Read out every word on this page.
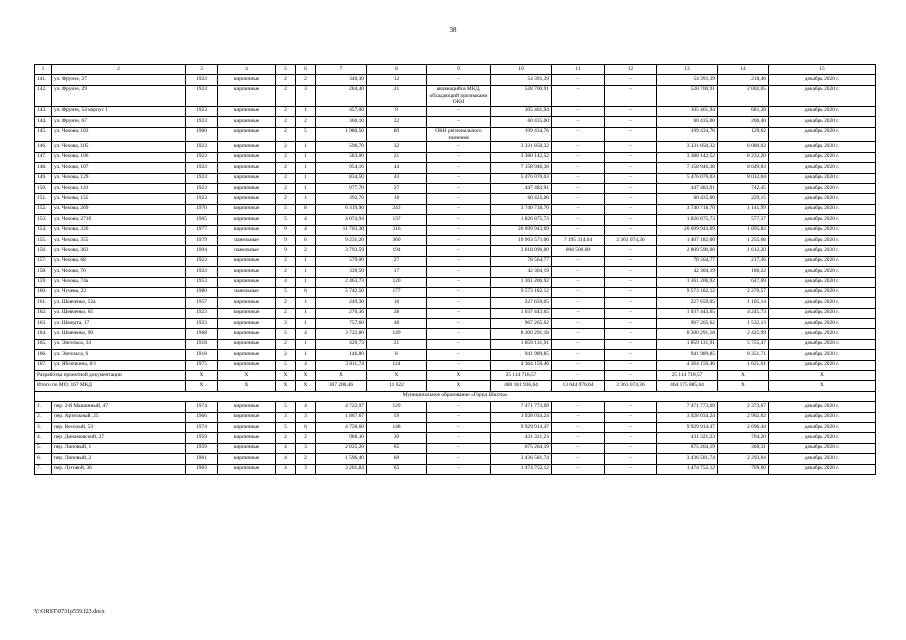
38
1	2	3	4	5	6	7	8	9	10	11	12	13	14	15
141.	ул. Фрунзе, 27	1923	кирпичные	2	2	340,30	12	–	54 391,39	–	–	54 391,39	218,46	декабрь 2020 г.
142.	ул. Фрунзе, 29	1923	кирпичные	2	3	284,40	21	являющийся МКД, обладающий признаками ОКН	528 700,91	–	–	528 700,91	2 002,65	декабрь 2020 г.
143.	ул. Фрунзе, 54 корпус 1	1923	кирпичные	2	1	457,00	9	–	105 461,94	–	–	105 461,94	681,28	декабрь 2020 г.
144.	ул. Фрунзе, 67	1923	кирпичные	2	2	360,10	22	–	60 435,00	–	–	60 435,00	206,40	декабрь 2020 г.
145.	ул. Чехова, 103	1900	кирпичные	2	5	1 980,50	89	ОКН регионального значения	199 434,76	–	–	199 434,76	129,62	декабрь 2020 г.
146.	ул. Чехова, 105	1923	кирпичные	2	1	596,70	32	–	3 331 850,32	–	–	3 331 850,32	6 080,02	декабрь 2020 г.
147.	ул. Чехова, 106	1923	кирпичные	2	1	583,00	21	–	3 380 142,52	–	–	3 380 142,52	8 232,20	декабрь 2020 г.
148.	ул. Чехова, 107	1923	кирпичные	2	1	954,16	44	–	7 158 946,38	–	–	7 158 946,38	8 649,83	декабрь 2020 г.
149.	ул. Чехова, 129	1923	кирпичные	2	1	834,50	43	–	5 476 070,03	–	–	5 476 070,03	8 012,04	декабрь 2020 г.
150.	ул. Чехова, 141	1923	кирпичные	2	1	977,70	37	–	447 483,91	–	–	447 483,91	742,45	декабрь 2020 г.
151.	ул. Чехова, 155	1923	кирпичные	2	1	392,70	18	–	60 435,00	–	–	60 435,00	229,15	декабрь 2020 г.
152.	ул. Чехова, 269	1970	кирпичные	5	8	6 319,90	243	–	3 740 718,70	–	–	3 740 718,70	1 141,99	декабрь 2020 г.
153.	ул. Чехова, 271б	1965	кирпичные	5	4	4 074,94	137	–	1 826 875,73	–	–	1 826 875,73	577,37	декабрь 2020 г.
154.	ул. Чехова, 326	1977	кирпичные	9	4	11 703,30	316	–	20 699 943,69	–	–	20 699 943,69	1 895,82	декабрь 2020 г.
155.	ул. Чехова, 355	1979	панельные	9	6	9 231,20	360	–	10 963 571,00	7 195 314,64	2 361 074,36	1 407 182,00	1 255,68	декабрь 2020 г.
156.	ул. Чехова, 363	1994	панельные	9	2	3 793,59	194	–	3 618 096,00	808 506,00	–	2 809 590,00	1 612,20	декабрь 2020 г.
157.	ул. Чехова, 68	1923	кирпичные	2	1	579,00	27	–	78 564,77	–	–	78 564,77	217,36	декабрь 2020 г.
158.	ул. Чехова, 70	1923	кирпичные	2	1	339,50	17	–	42 304,19	–	–	42 304,19	180,22	декабрь 2020 г.
159.	ул. Чехова, 74а	1953	кирпичные	4	1	2 463,73	120	–	1 361 206,92	–	–	1 361 206,92	647,69	декабрь 2020 г.
160.	ул. Чучева, 22	1980	панельные	5	6	5 742,50	177	–	9 573 182,12	–	–	9 573 182,12	2 270,57	декабрь 2020 г.
161.	ул. Шевченко, 52а	1957	кирпичные	2	1	249,30	16	–	227 659,05	–	–	227 659,05	1 105,14	декабрь 2020 г.
162.	ул. Шевченко, 65	1923	кирпичные	2	1	270,36	28	–	1 037 443,65	–	–	1 037 443,65	4 245,73	декабрь 2020 г.
163.	ул. Шмидта, 17	1923	кирпичные	3	1	757,60	48	–	967 265,62	–	–	967 265,62	1 532,13	декабрь 2020 г.
164.	ул. Шевченко, 90	1968	кирпичные	5	4	3 722,80	149	–	8 300 291,18	–	–	8 300 291,18	2 425,99	декабрь 2020 г.
165.	ул. Энгельса, 34	1918	кирпичные	2	1	429,73	21	–	1 859 131,91	–	–	1 859 131,91	5 755,47	декабрь 2020 г.
166.	ул. Энгельса, 6	1918	кирпичные	2	1	146,80	8	–	941 989,85	–	–	941 989,85	8 351,71	декабрь 2020 г.
167.	ул. Яблочкина, 8/1	1975	кирпичные	5	4	3 811,74	124	–	4 364 150,46	–	–	4 364 150,46	1 621,61	декабрь 2020 г.
Разработка проектной документации		X	X	X	X	X	X	X	25 114 718,57	–	–	25 114 718,57	X	X
Итого по МО: 167 МКД		X	X	X	X	307 200,46	11 622	X	480 181 936,64	13 644 976,64	2 361 074,36	464 175 885,64	X	X
Муниципальное образование «Город Шахты»														
1.	пер. 2-й Машинный, 47	1974	кирпичные	5	4	4 722,97	129	–	7 471 773,69	–	–	7 471 773,69	2 373,67	декабрь 2020 г.
2.	пер. Артельный, 25	1966	кирпичные	3	3	1 867,67	59	–	3 928 034,24	–	–	3 928 034,24	2 902,02	декабрь 2020 г.
3.	пер. Веселый, 53	1974	кирпичные	5	6	4 758,60	148	–	9 929 914,47	–	–	9 929 914,47	2 696,44	декабрь 2020 г.
4.	пер. Динамовский, 27	1959	кирпичные	2	2	988,30	30	–	431 321,23	–	–	431 321,23	704,20	декабрь 2020 г.
5.	пер. Липовый, 1	1959	кирпичные	4	3	2 025,20	65	–	675 264,19	–	–	675 264,19	360,31	декабрь 2020 г.
6.	пер. Липовый, 2	1961	кирпичные	4	2	1 596,40	60	–	3 436 581,74	–	–	3 436 581,74	2 293,04	декабрь 2020 г.
7.	пер. Луговой, 36	1963	кирпичные	4	3	3 261,84	65	–	1 474 752,12	–	–	1 474 752,12	709,60	декабрь 2020 г.
Y:\ORST\0731p559.f23.docx
